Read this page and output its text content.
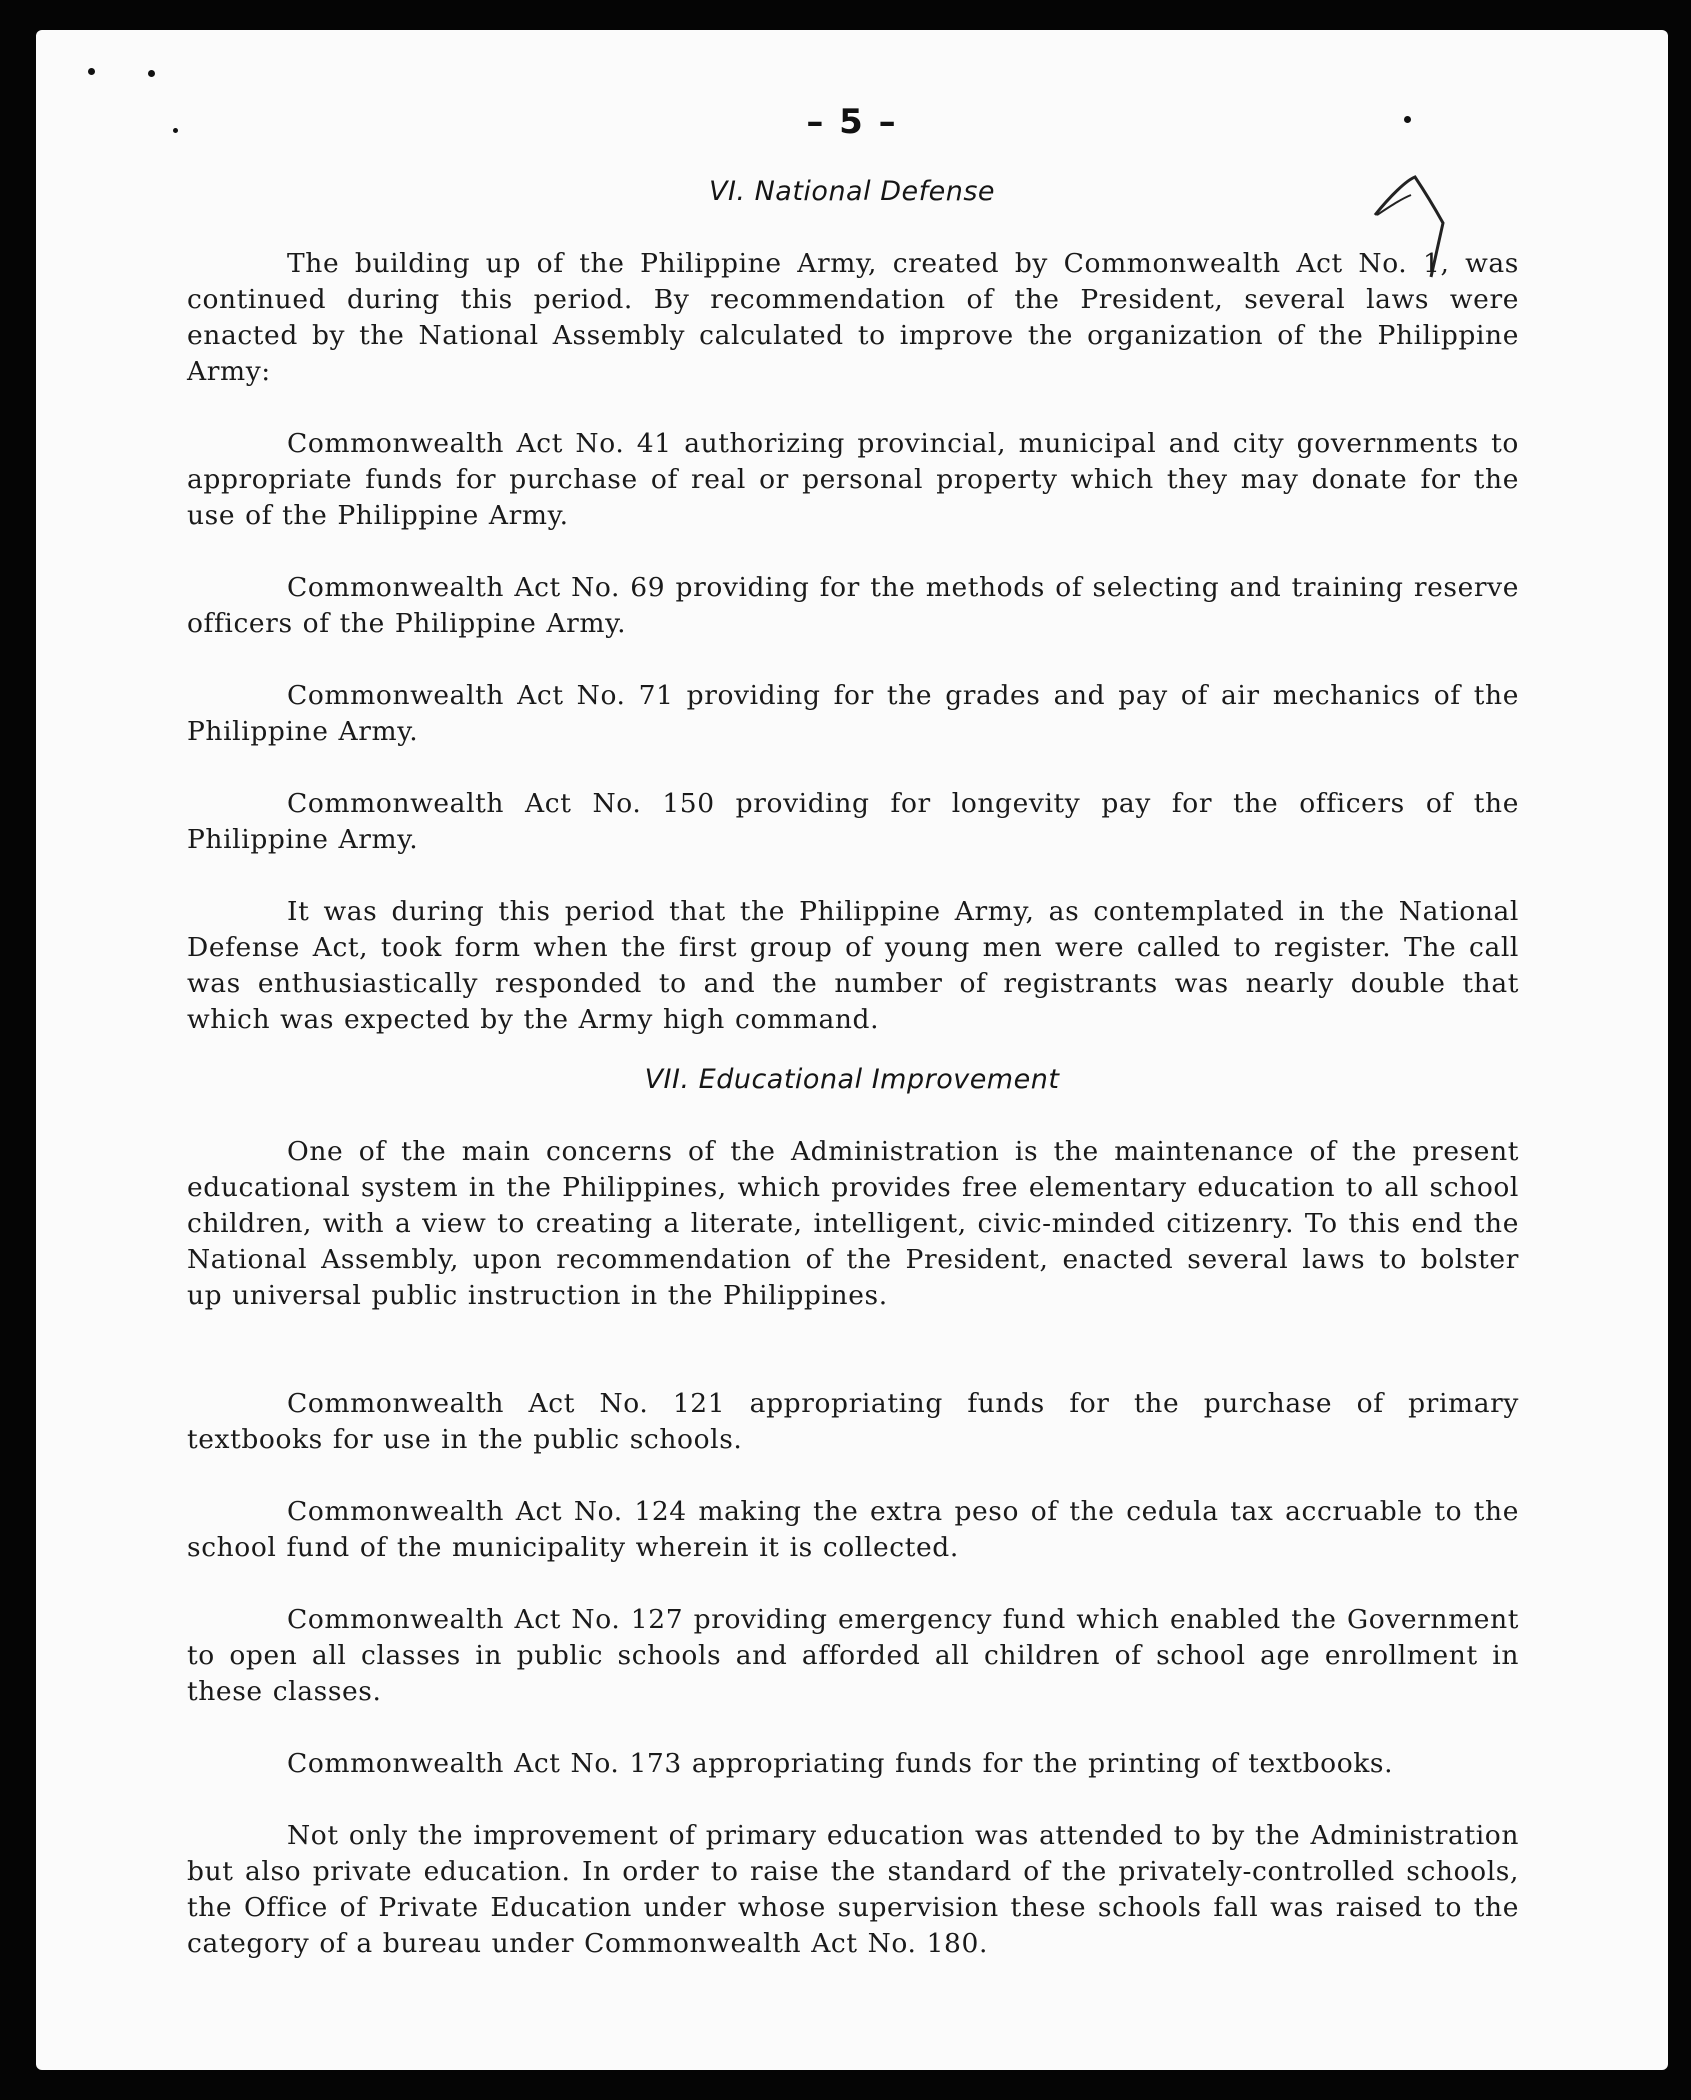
– 5 –
VI. National Defense

The building up of the Philippine Army, created by Commonwealth Act No. 1, was continued during this period. By recommendation of the President, several laws were enacted by the National Assembly calculated to improve the organization of the Philippine Army:

Commonwealth Act No. 41 authorizing provincial, municipal and city governments to appropriate funds for purchase of real or personal property which they may donate for the use of the Philippine Army.

Commonwealth Act No. 69 providing for the methods of selecting and training reserve officers of the Philippine Army.

Commonwealth Act No. 71 providing for the grades and pay of air mechanics of the Philippine Army.

Commonwealth Act No. 150 providing for longevity pay for the officers of the Philippine Army.

It was during this period that the Philippine Army, as contemplated in the National Defense Act, took form when the first group of young men were called to register. The call was enthusiastically responded to and the number of registrants was nearly double that which was expected by the Army high command.

VII. Educational Improvement

One of the main concerns of the Administration is the maintenance of the present educational system in the Philippines, which provides free elementary education to all school children, with a view to creating a literate, intelligent, civic-minded citizenry. To this end the National Assembly, upon recommendation of the President, enacted several laws to bolster up universal public instruction in the Philippines.

Commonwealth Act No. 121 appropriating funds for the purchase of primary textbooks for use in the public schools.

Commonwealth Act No. 124 making the extra peso of the cedula tax accruable to the school fund of the municipality wherein it is collected.

Commonwealth Act No. 127 providing emergency fund which enabled the Government to open all classes in public schools and afforded all children of school age enrollment in these classes.

Commonwealth Act No. 173 appropriating funds for the printing of textbooks.

Not only the improvement of primary education was attended to by the Administration but also private education. In order to raise the standard of the privately-controlled schools, the Office of Private Education under whose supervision these schools fall was raised to the category of a bureau under Commonwealth Act No. 180.
